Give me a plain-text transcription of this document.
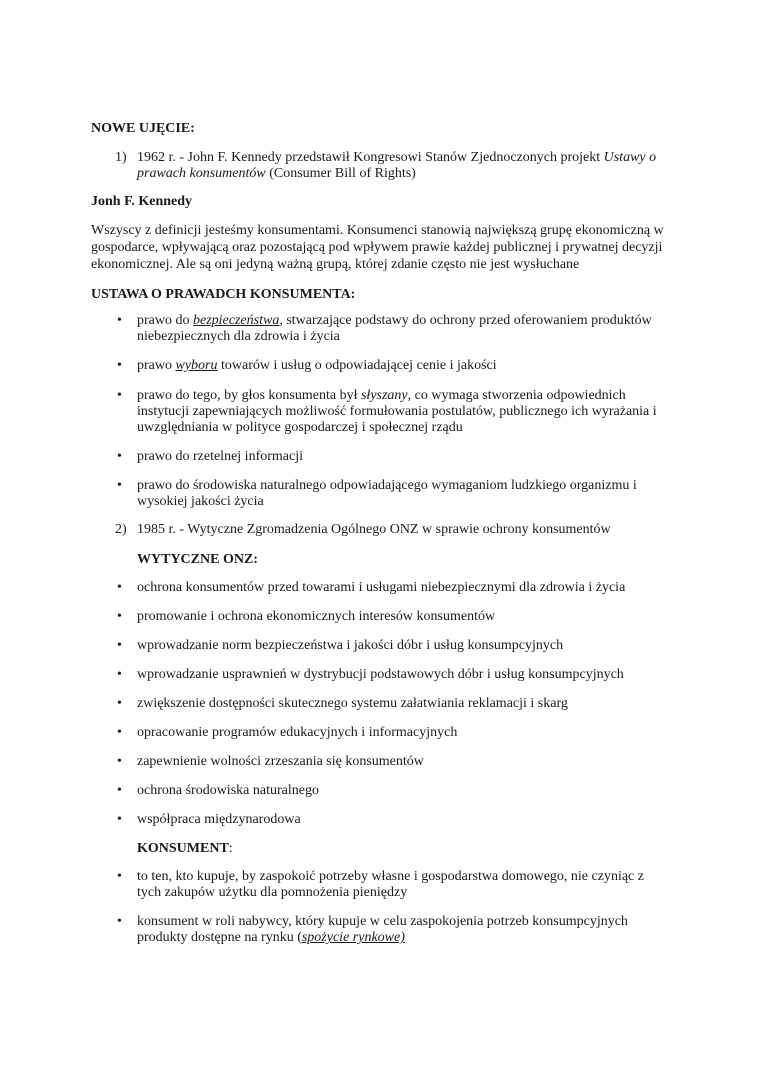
NOWE UJĘCIE:
1) 1962 r. - John F. Kennedy przedstawił Kongresowi Stanów Zjednoczonych projekt Ustawy o prawach konsumentów (Consumer Bill of Rights)
Jonh F. Kennedy
Wszyscy z definicji jesteśmy konsumentami. Konsumenci stanowią największą grupę ekonomiczną w gospodarce, wpływającą oraz pozostającą pod wpływem prawie każdej publicznej i prywatnej decyzji ekonomicznej. Ale są oni jedyną ważną grupą, której zdanie często nie jest wysłuchane
USTAWA O PRAWADCH KONSUMENTA:
•	prawo do bezpieczeństwa, stwarzające podstawy do ochrony przed oferowaniem produktów niebezpiecznych dla zdrowia i życia
•	prawo wyboru towarów i usług o odpowiadającej cenie i jakości
•	prawo do tego, by głos konsumenta był słyszany, co wymaga stworzenia odpowiednich instytucji zapewniających możliwość formułowania postulatów, publicznego ich wyrażania i uwzględniania w polityce gospodarczej i społecznej rządu
•	prawo do rzetelnej informacji
•	prawo do środowiska naturalnego odpowiadającego wymaganiom ludzkiego organizmu i wysokiej jakości życia
2) 1985 r. - Wytyczne Zgromadzenia Ogólnego ONZ w sprawie ochrony konsumentów
WYTYCZNE ONZ:
•	ochrona konsumentów przed towarami i usługami niebezpiecznymi dla zdrowia i życia
•	promowanie i ochrona ekonomicznych interesów konsumentów
•	wprowadzanie norm bezpieczeństwa i jakości dóbr i usług konsumpcyjnych
•	wprowadzanie usprawnień w dystrybucji podstawowych dóbr i usług konsumpcyjnych
•	zwiększenie dostępności skutecznego systemu załatwiania reklamacji i skarg
•	opracowanie programów edukacyjnych i informacyjnych
•	zapewnienie wolności zrzeszania się konsumentów
•	ochrona środowiska naturalnego
•	współpraca międzynarodowa
KONSUMENT:
•	to ten, kto kupuje, by zaspokoić potrzeby własne i gospodarstwa domowego, nie czyniąc z tych zakupów użytku dla pomnożenia pieniędzy
•	konsument w roli nabywcy, który kupuje w celu zaspokojenia potrzeb konsumpcyjnych produkty dostępne na rynku (spożycie rynkowe)
